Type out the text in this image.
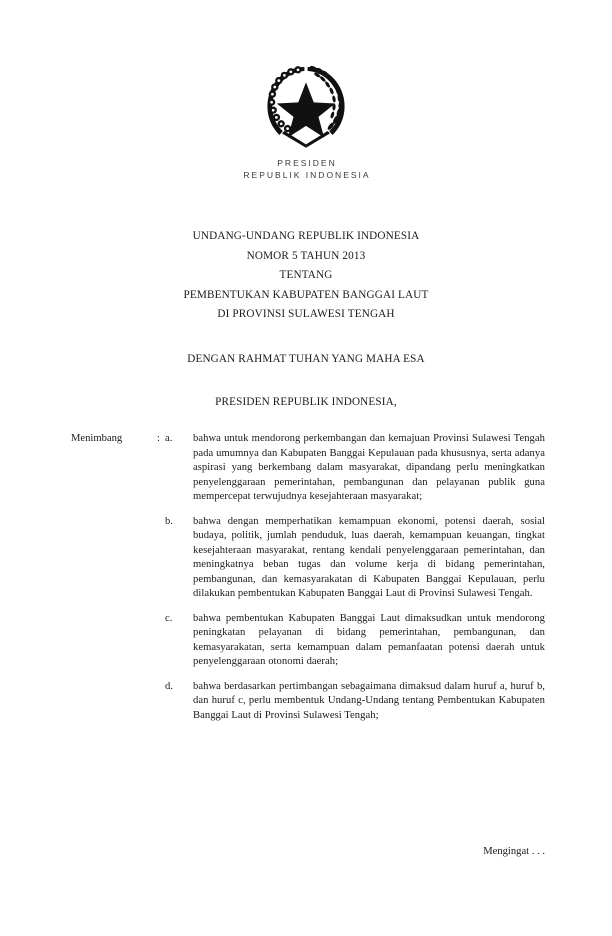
PRESIDEN
REPUBLIK INDONESIA
UNDANG-UNDANG REPUBLIK INDONESIA
NOMOR 5 TAHUN 2013
TENTANG
PEMBENTUKAN KABUPATEN BANGGAI LAUT
DI PROVINSI SULAWESI TENGAH
DENGAN RAHMAT TUHAN YANG MAHA ESA
PRESIDEN REPUBLIK INDONESIA,
Menimbang	: a.	bahwa untuk mendorong perkembangan dan kemajuan Provinsi Sulawesi Tengah pada umumnya dan Kabupaten Banggai Kepulauan pada khususnya, serta adanya aspirasi yang berkembang dalam masyarakat, dipandang perlu meningkatkan penyelenggaraan pemerintahan, pembangunan dan pelayanan publik guna mempercepat terwujudnya kesejahteraan masyarakat;
b.	bahwa dengan memperhatikan kemampuan ekonomi, potensi daerah, sosial budaya, politik, jumlah penduduk, luas daerah, kemampuan keuangan, tingkat kesejahteraan masyarakat, rentang kendali penyelenggaraan pemerintahan, dan meningkatnya beban tugas dan volume kerja di bidang pemerintahan, pembangunan, dan kemasyarakatan di Kabupaten Banggai Kepulauan, perlu dilakukan pembentukan Kabupaten Banggai Laut di Provinsi Sulawesi Tengah.
c.	bahwa pembentukan Kabupaten Banggai Laut dimaksudkan untuk mendorong peningkatan pelayanan di bidang pemerintahan, pembangunan, dan kemasyarakatan, serta kemampuan dalam pemanfaatan potensi daerah untuk penyelenggaraan otonomi daerah;
d.	bahwa berdasarkan pertimbangan sebagaimana dimaksud dalam huruf a, huruf b, dan huruf c, perlu membentuk Undang-Undang tentang Pembentukan Kabupaten Banggai Laut di Provinsi Sulawesi Tengah;
Mengingat . . .
